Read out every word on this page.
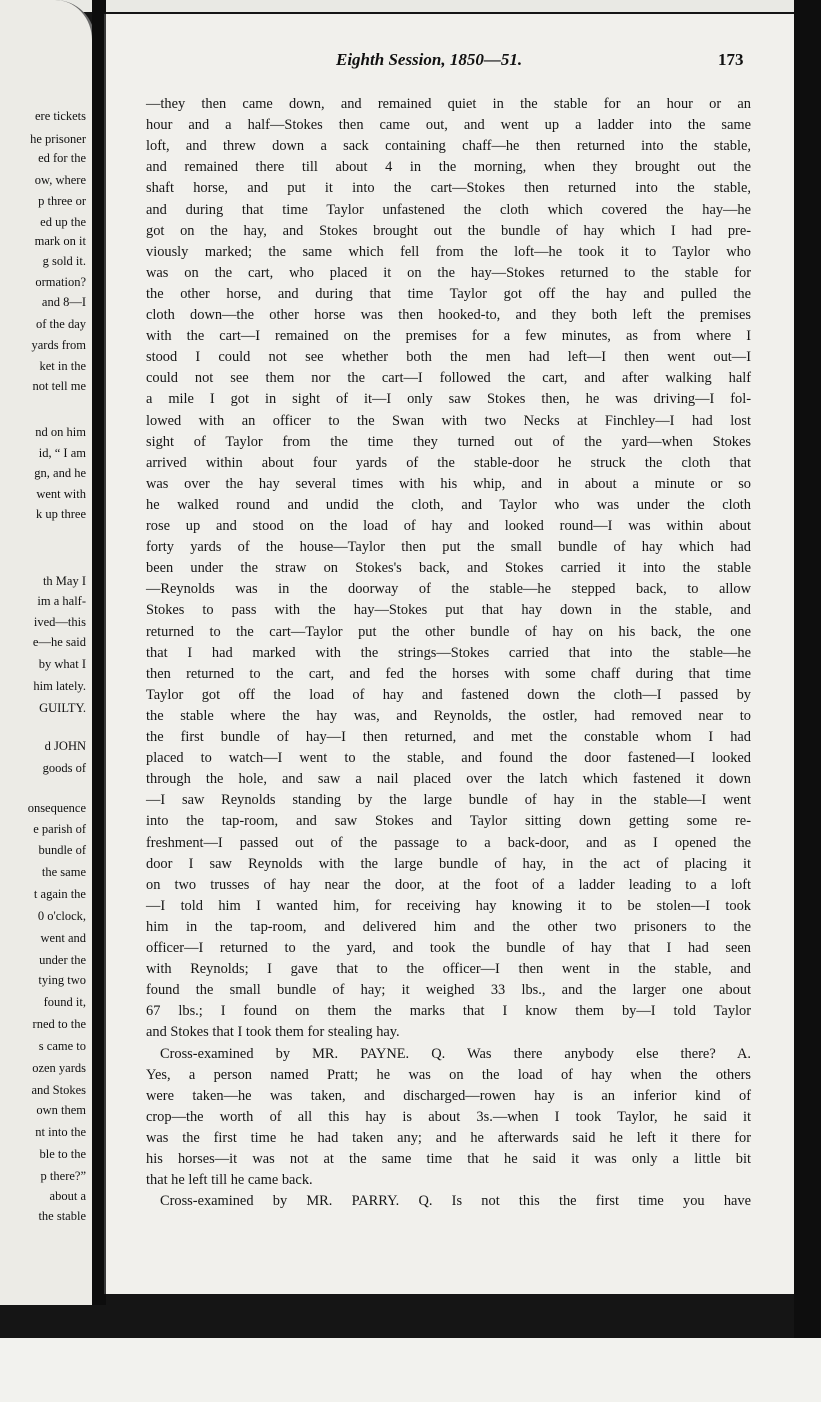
ere tickets
he prisoner
ed for the
ow, where
p three or
ed up the
mark on it
g sold it.
ormation?
and 8—I
of the day
yards from
ket in the
not tell me
nd on him
id, “ I am
gn, and he
went with
k up three
th May I
im a half-
ived—this
e—he said
by what I
him lately.
GUILTY.
d JOHN
goods of
onsequence
e parish of
bundle of
the same
t again the
0 o'clock,
went and
under the
tying two
found it,
rned to the
s came to
ozen yards
and Stokes
own them
nt into the
ble to the
p there?”
about a
the stable
Eighth Session, 1850—51.	173
—they then came down, and remained quiet in the stable for an hour or an
hour and a half—Stokes then came out, and went up a ladder into the same
loft, and threw down a sack containing chaff—he then returned into the stable,
and remained there till about 4 in the morning, when they brought out the
shaft horse, and put it into the cart—Stokes then returned into the stable,
and during that time Taylor unfastened the cloth which covered the hay—he
got on the hay, and Stokes brought out the bundle of hay which I had pre-
viously marked; the same which fell from the loft—he took it to Taylor who
was on the cart, who placed it on the hay—Stokes returned to the stable for
the other horse, and during that time Taylor got off the hay and pulled the
cloth down—the other horse was then hooked-to, and they both left the premises
with the cart—I remained on the premises for a few minutes, as from where I
stood I could not see whether both the men had left—I then went out—I
could not see them nor the cart—I followed the cart, and after walking half
a mile I got in sight of it—I only saw Stokes then, he was driving—I fol-
lowed with an officer to the Swan with two Necks at Finchley—I had lost
sight of Taylor from the time they turned out of the yard—when Stokes
arrived within about four yards of the stable-door he struck the cloth that
was over the hay several times with his whip, and in about a minute or so
he walked round and undid the cloth, and Taylor who was under the cloth
rose up and stood on the load of hay and looked round—I was within about
forty yards of the house—Taylor then put the small bundle of hay which had
been under the straw on Stokes's back, and Stokes carried it into the stable
—Reynolds was in the doorway of the stable—he stepped back, to allow
Stokes to pass with the hay—Stokes put that hay down in the stable, and
returned to the cart—Taylor put the other bundle of hay on his back, the one
that I had marked with the strings—Stokes carried that into the stable—he
then returned to the cart, and fed the horses with some chaff during that time
Taylor got off the load of hay and fastened down the cloth—I passed by
the stable where the hay was, and Reynolds, the ostler, had removed near to
the first bundle of hay—I then returned, and met the constable whom I had
placed to watch—I went to the stable, and found the door fastened—I looked
through the hole, and saw a nail placed over the latch which fastened it down
—I saw Reynolds standing by the large bundle of hay in the stable—I went
into the tap-room, and saw Stokes and Taylor sitting down getting some re-
freshment—I passed out of the passage to a back-door, and as I opened the
door I saw Reynolds with the large bundle of hay, in the act of placing it
on two trusses of hay near the door, at the foot of a ladder leading to a loft
—I told him I wanted him, for receiving hay knowing it to be stolen—I took
him in the tap-room, and delivered him and the other two prisoners to the
officer—I returned to the yard, and took the bundle of hay that I had seen
with Reynolds; I gave that to the officer—I then went in the stable, and
found the small bundle of hay; it weighed 33 lbs., and the larger one about
67 lbs.; I found on them the marks that I know them by—I told Taylor
and Stokes that I took them for stealing hay.
Cross-examined by MR. PAYNE. Q. Was there anybody else there? A.
Yes, a person named Pratt; he was on the load of hay when the others
were taken—he was taken, and discharged—rowen hay is an inferior kind of
crop—the worth of all this hay is about 3s.—when I took Taylor, he said it
was the first time he had taken any; and he afterwards said he left it there for
his horses—it was not at the same time that he said it was only a little bit
that he left till he came back.
Cross-examined by MR. PARRY. Q. Is not this the first time you have
